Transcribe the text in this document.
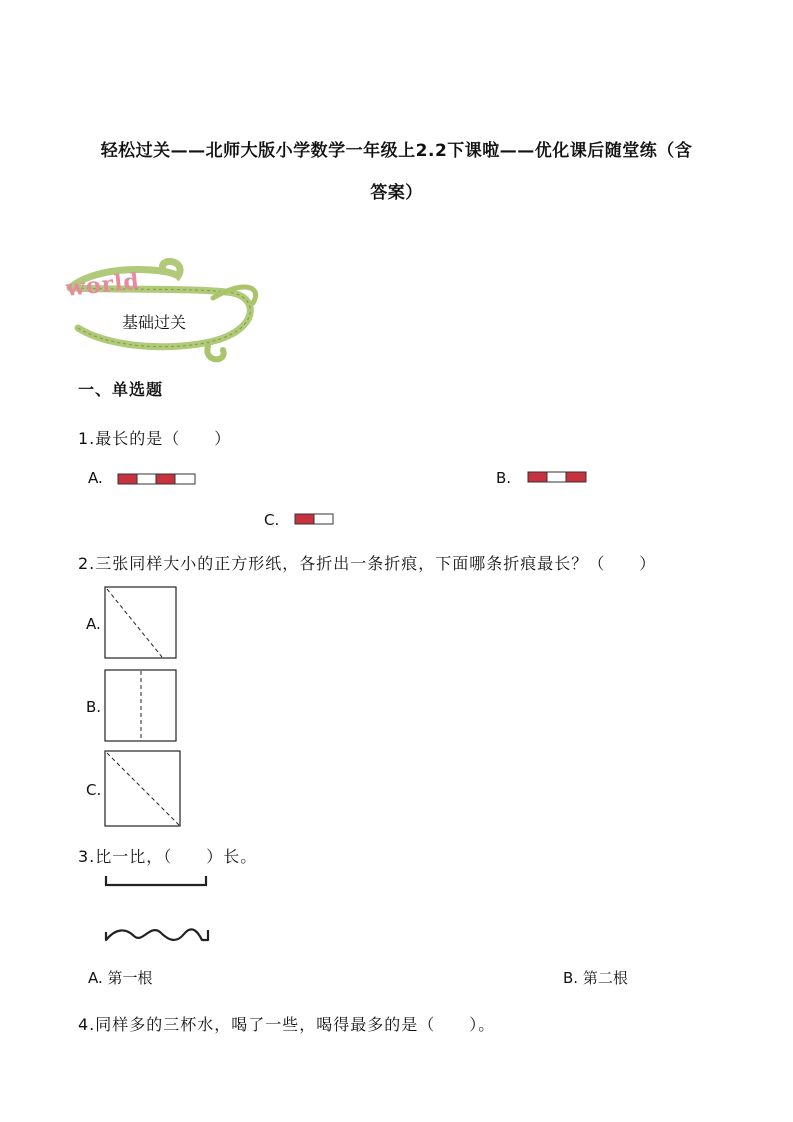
轻松过关——北师大版小学数学一年级上2.2下课啦——优化课后随堂练（含
答案）
world
基础过关
一、单选题
1.最长的是（　　）
A.	B.
C.
2.三张同样大小的正方形纸，各折出一条折痕，下面哪条折痕最长？（　　）
A.
B.
C.
3.比一比，（　　）长。
A. 第一根	B. 第二根
4.同样多的三杯水，喝了一些，喝得最多的是（　　）。
